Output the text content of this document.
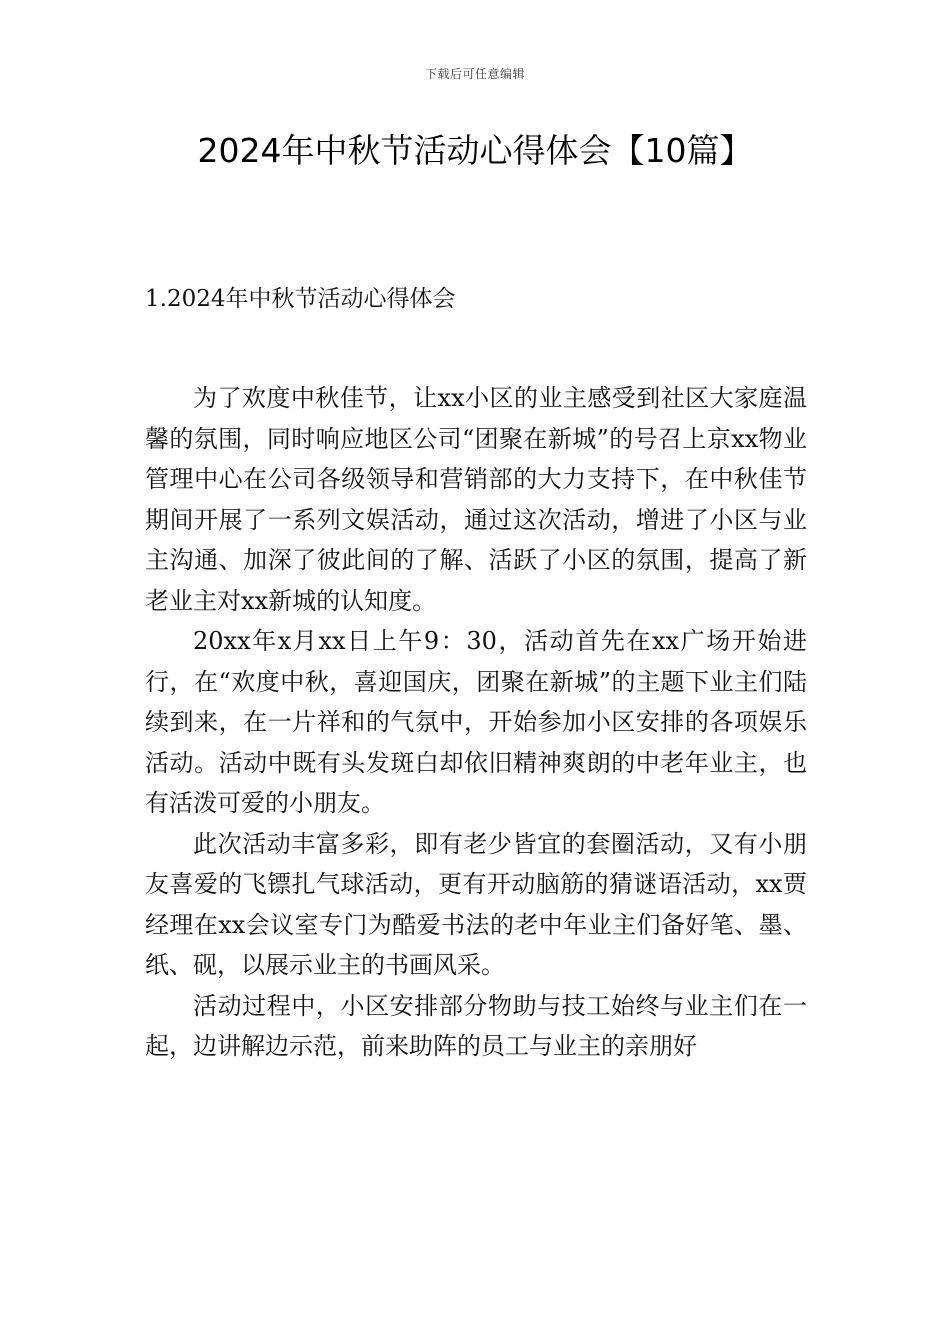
下载后可任意编辑
2024年中秋节活动心得体会【10篇】
1.2024年中秋节活动心得体会

为了欢度中秋佳节，让xx小区的业主感受到社区大家庭温馨的氛围，同时响应地区公司“团聚在新城”的号召上京xx物业管理中心在公司各级领导和营销部的大力支持下，在中秋佳节期间开展了一系列文娱活动，通过这次活动，增进了小区与业主沟通、加深了彼此间的了解、活跃了小区的氛围，提高了新老业主对xx新城的认知度。

20xx年x月xx日上午9：30，活动首先在xx广场开始进行，在“欢度中秋，喜迎国庆，团聚在新城”的主题下业主们陆续到来，在一片祥和的气氛中，开始参加小区安排的各项娱乐活动。活动中既有头发斑白却依旧精神爽朗的中老年业主，也有活泼可爱的小朋友。

此次活动丰富多彩，即有老少皆宜的套圈活动，又有小朋友喜爱的飞镖扎气球活动，更有开动脑筋的猜谜语活动，xx贾经理在xx会议室专门为酷爱书法的老中年业主们备好笔、墨、纸、砚，以展示业主的书画风采。

活动过程中，小区安排部分物助与技工始终与业主们在一起，边讲解边示范，前来助阵的员工与业主的亲朋好
